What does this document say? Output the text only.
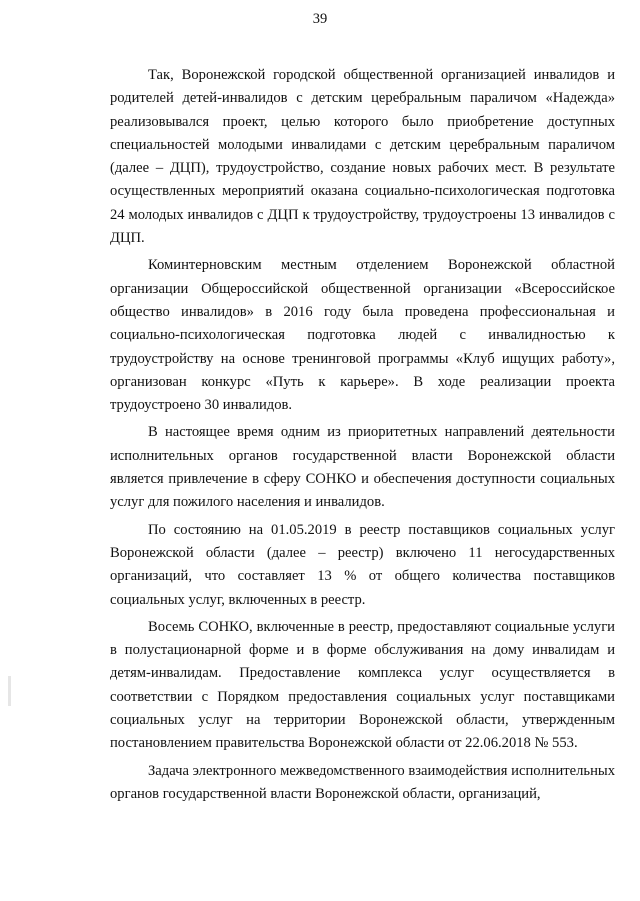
39

Так, Воронежской городской общественной организацией инвалидов и родителей детей-инвалидов с детским церебральным параличом «Надежда» реализовывался проект, целью которого было приобретение доступных специальностей молодыми инвалидами с детским церебральным параличом (далее – ДЦП), трудоустройство, создание новых рабочих мест. В результате осуществленных мероприятий оказана социально-психологическая подготовка 24 молодых инвалидов с ДЦП к трудоустройству, трудоустроены 13 инвалидов с ДЦП.

Коминтерновским местным отделением Воронежской областной организации Общероссийской общественной организации «Всероссийское общество инвалидов» в 2016 году была проведена профессиональная и социально-психологическая подготовка людей с инвалидностью к трудоустройству на основе тренинговой программы «Клуб ищущих работу», организован конкурс «Путь к карьере». В ходе реализации проекта трудоустроено 30 инвалидов.

В настоящее время одним из приоритетных направлений деятельности исполнительных органов государственной власти Воронежской области является привлечение в сферу СОНКО и обеспечения доступности социальных услуг для пожилого населения и инвалидов.

По состоянию на 01.05.2019 в реестр поставщиков социальных услуг Воронежской области (далее – реестр) включено 11 негосударственных организаций, что составляет 13 % от общего количества поставщиков социальных услуг, включенных в реестр.

Восемь СОНКО, включенные в реестр, предоставляют социальные услуги в полустационарной форме и в форме обслуживания на дому инвалидам и детям-инвалидам. Предоставление комплекса услуг осуществляется в соответствии с Порядком предоставления социальных услуг поставщиками социальных услуг на территории Воронежской области, утвержденным постановлением правительства Воронежской области от 22.06.2018 № 553.

Задача электронного межведомственного взаимодействия исполнительных органов государственной власти Воронежской области, организаций,
